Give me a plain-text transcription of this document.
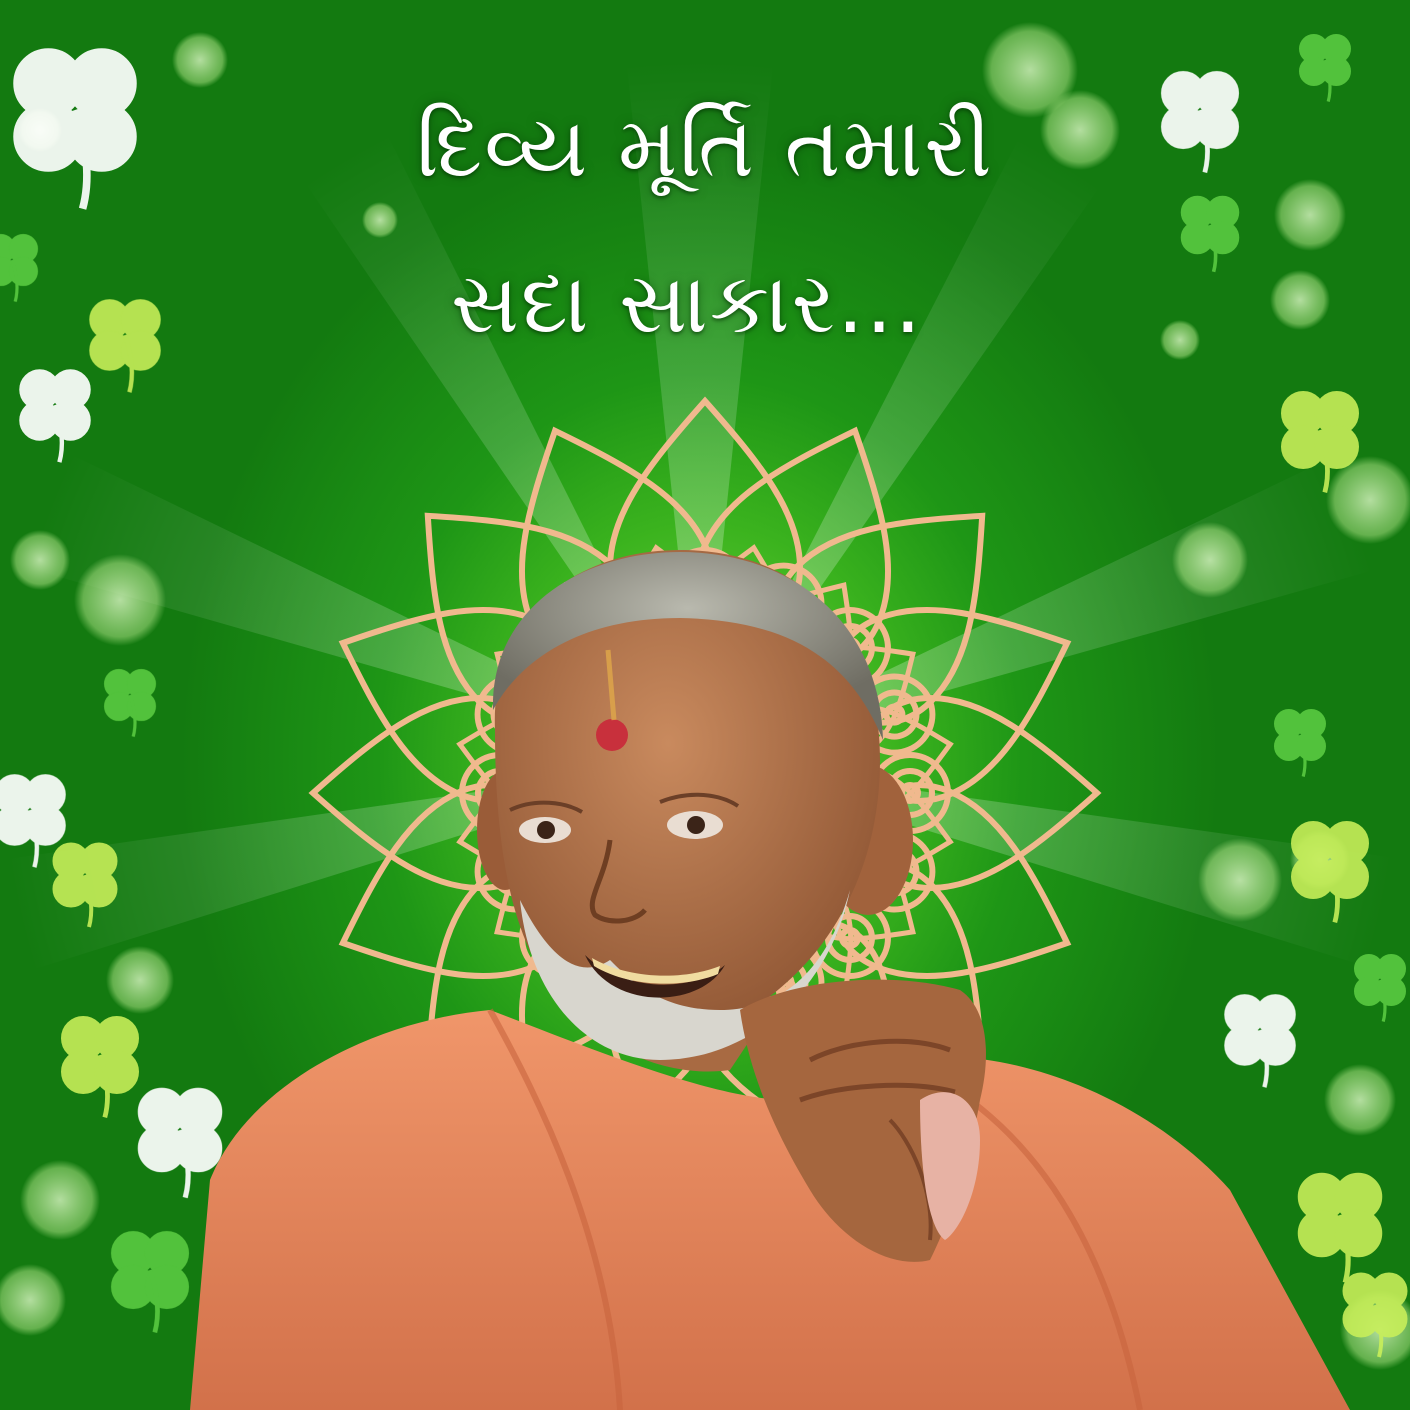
દિવ્ય મૂર્તિ તમારી
સદા સાકાર...
